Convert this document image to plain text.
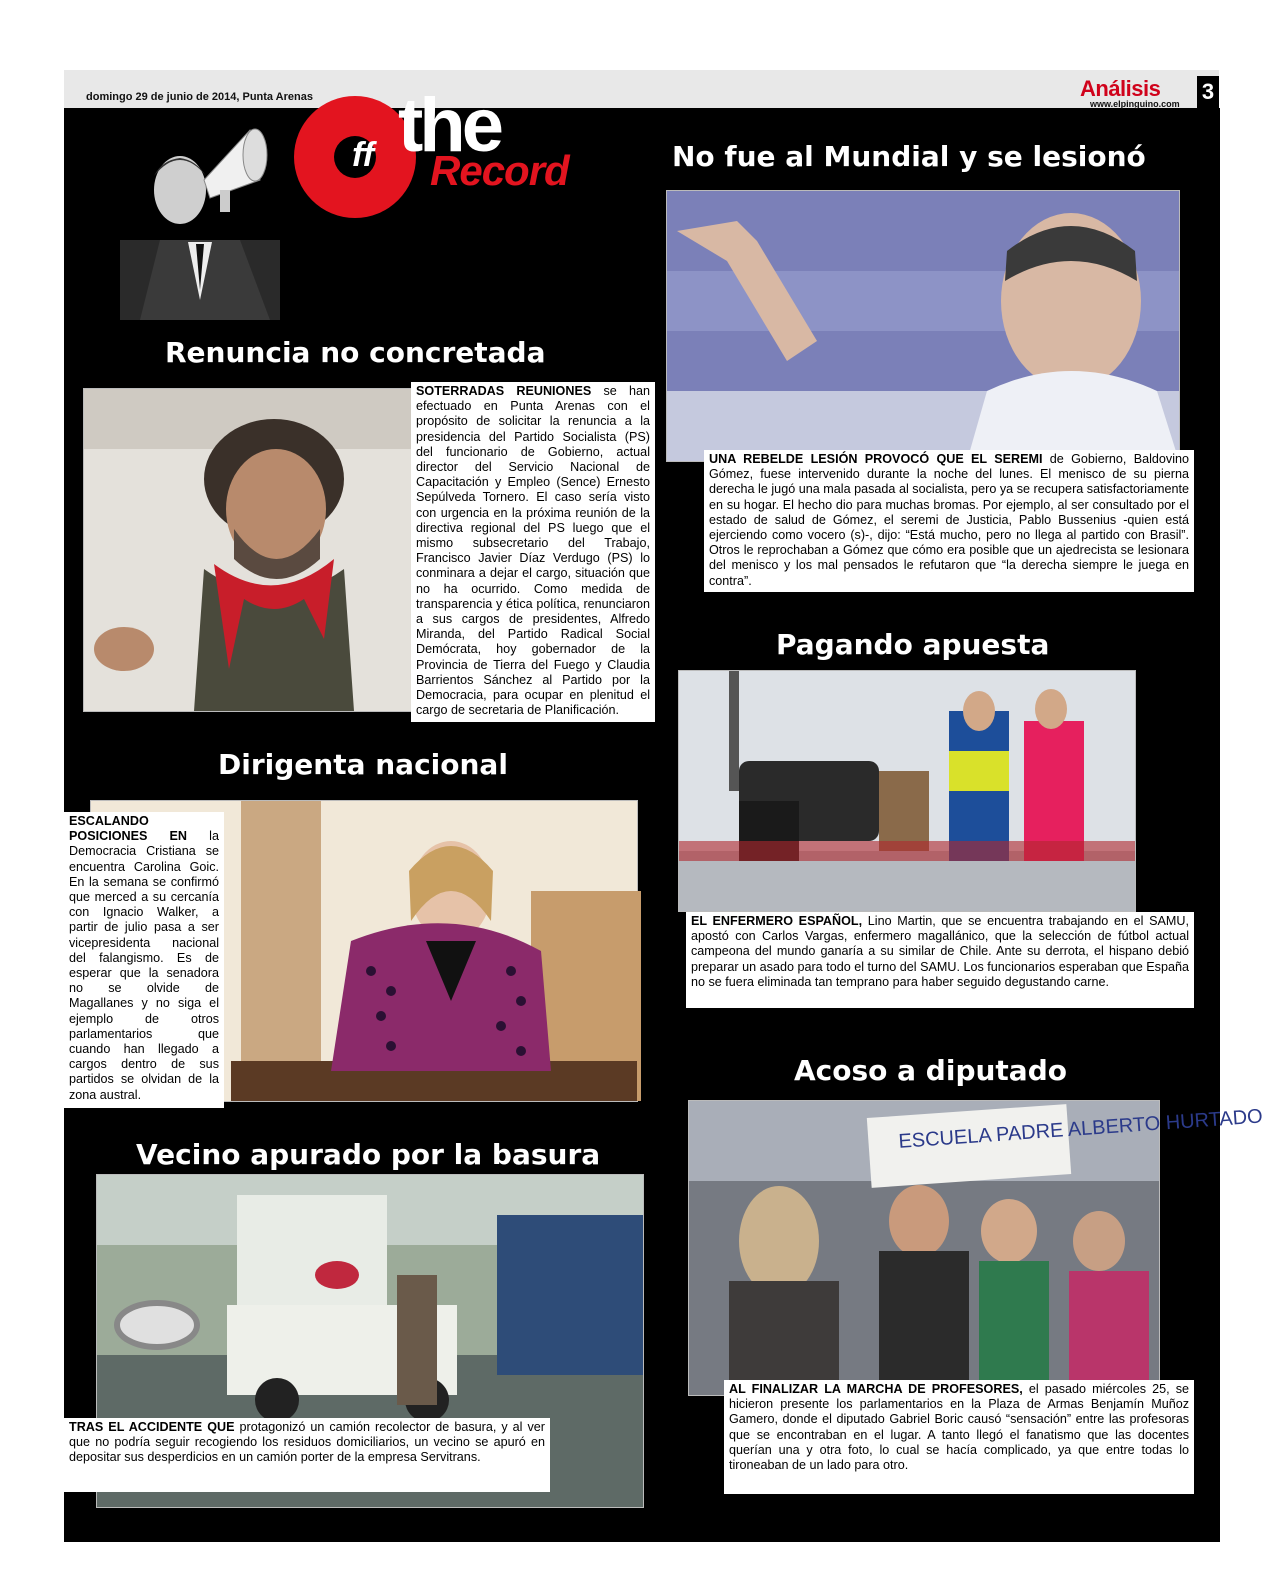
domingo 29 de junio de 2014, Punta Arenas	Análisis
www.elpinguino.com 3
ff the
Record
Renuncia no concretada
SOTERRADAS REUNIONES se han efectuado en Punta Arenas con el propósito de solicitar la renuncia a la presidencia del Partido Socialista (PS) del funcionario de Gobierno, actual director del Servicio Nacional de Capacitación y Empleo (Sence) Ernesto Sepúlveda Tornero. El caso sería visto con urgencia en la próxima reunión de la directiva regional del PS luego que el mismo subsecretario del Trabajo, Francisco Javier Díaz Verdugo (PS) lo conminara a dejar el cargo, situación que no ha ocurrido. Como medida de transparencia y ética política, renunciaron a sus cargos de presidentes, Alfredo Miranda, del Partido Radical Social Demócrata, hoy gobernador de la Provincia de Tierra del Fuego y Claudia Barrientos Sánchez al Partido por la Democracia, para ocupar en plenitud el cargo de secretaria de Planificación.
No fue al Mundial y se lesionó
UNA REBELDE LESIÓN PROVOCÓ QUE EL SEREMI de Gobierno, Baldovino Gómez, fuese intervenido durante la noche del lunes. El menisco de su pierna derecha le jugó una mala pasada al socialista, pero ya se recupera satisfactoriamente en su hogar. El hecho dio para muchas bromas. Por ejemplo, al ser consultado por el estado de salud de Gómez, el seremi de Justicia, Pablo Bussenius -quien está ejerciendo como vocero (s)-, dijo: “Está mucho, pero no llega al partido con Brasil”. Otros le reprochaban a Gómez que cómo era posible que un ajedrecista se lesionara del menisco y los mal pensados le refutaron que “la derecha siempre le juega en contra”.
Dirigenta nacional
ESCALANDO POSICIONES EN la Democracia Cristiana se encuentra Carolina Goic. En la semana se confirmó que merced a su cercanía con Ignacio Walker, a partir de julio pasa a ser vicepresidenta nacional del falangismo. Es de esperar que la senadora no se olvide de Magallanes y no siga el ejemplo de otros parlamentarios que cuando han llegado a cargos dentro de sus partidos se olvidan de la zona austral.
Pagando apuesta
EL ENFERMERO ESPAÑOL, Lino Martin, que se encuentra trabajando en el SAMU, apostó con Carlos Vargas, enfermero magallánico, que la selección de fútbol actual campeona del mundo ganaría a su similar de Chile. Ante su derrota, el hispano debió preparar un asado para todo el turno del SAMU. Los funcionarios esperaban que España no se fuera eliminada tan temprano para haber seguido degustando carne.
Vecino apurado por la basura
TRAS EL ACCIDENTE QUE protagonizó un camión recolector de basura, y al ver que no podría seguir recogiendo los residuos domiciliarios, un vecino se apuró en depositar sus desperdicios en un camión porter de la empresa Servitrans.
Acoso a diputado
ESCUELA PADRE ALBERTO HURTADO
AL FINALIZAR LA MARCHA DE PROFESORES, el pasado miércoles 25, se hicieron presente los parlamentarios en la Plaza de Armas Benjamín Muñoz Gamero, donde el diputado Gabriel Boric causó “sensación” entre las profesoras que se encontraban en el lugar. A tanto llegó el fanatismo que las docentes querían una y otra foto, lo cual se hacía complicado, ya que entre todas lo tironeaban de un lado para otro.
